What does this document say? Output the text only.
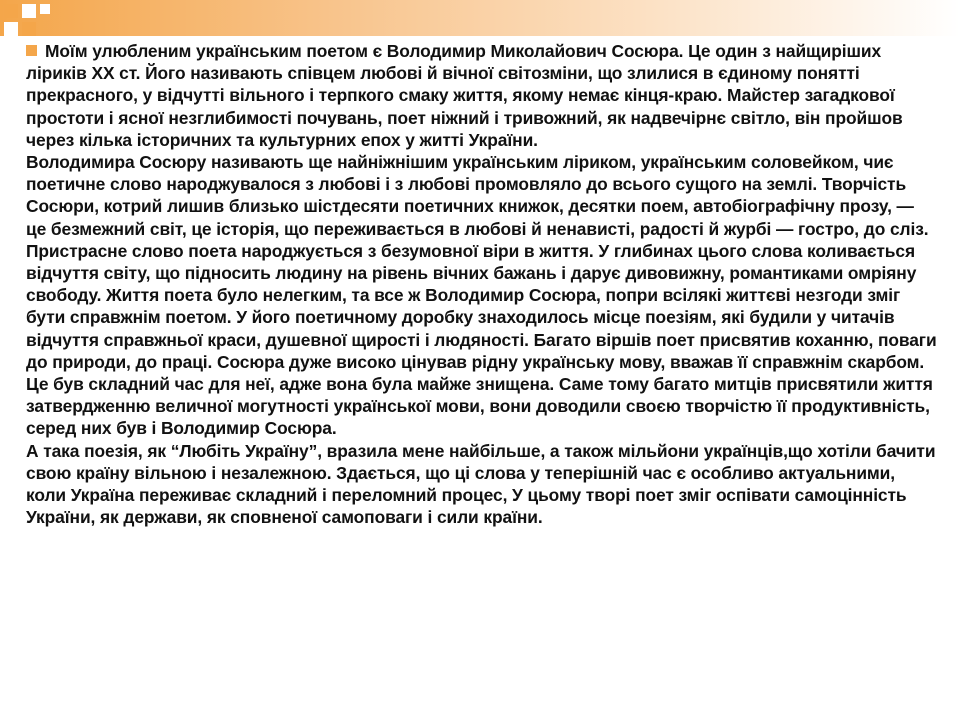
Моїм улюбленим українським поетом є Володимир Миколайович Сосюра. Це один з найщиріших ліриків XX ст. Його називають співцем любові й вічної світозміни, що злилися в єдиному понятті прекрасного, у відчутті вільного і терпкого смаку життя, якому немає кінця-краю. Майстер загадкової простоти і ясної незглибимості почувань, поет ніжний і тривожний, як надвечірнє світло, він пройшов через кілька історичних та культурних епох у житті України.

Володимира Сосюру називають ще найніжнішим українським ліриком, українським соловейком, чиє поетичне слово народжувалося з любові і з любові промовляло до всього сущого на землі. Творчість Сосюри, котрий лишив близько шістдесяти поетичних книжок, десятки поем, автобіографічну прозу, — це безмежний світ, це історія, що переживається в любові й ненависті, радості й журбі — гостро, до сліз. Пристрасне слово поета народжується з безумовної віри в життя. У глибинах цього слова коливається відчуття світу, що підносить людину на рівень вічних бажань і дарує дивовижну, романтиками омріяну свободу. Життя поета було нелегким, та все ж Володимир Сосюра, попри всілякі життєві незгоди зміг бути справжнім поетом. У його поетичному доробку знаходилось місце поезіям, які будили у читачів відчуття справжньої краси, душевної щирості і людяності. Багато віршів поет присвятив коханню, поваги до природи, до праці. Сосюра дуже високо цінував рідну українську мову, вважав її справжнім скарбом. Це був складний час для неї, адже вона була майже знищена. Саме тому багато митців присвятили життя затвердженню величної могутності української мови, вони доводили своєю творчістю її продуктивність, серед них був і Володимир Сосюра.

А така поезія, як “Любіть Україну”, вразила мене найбільше, а також мільйони українців,що хотіли бачити свою країну вільною і незалежною. Здається, що ці слова у теперішній час є особливо актуальними, коли Україна переживає складний і переломний процес, У цьому творі поет зміг оспівати самоцінність України, як держави, як сповненої самоповаги і сили країни.
